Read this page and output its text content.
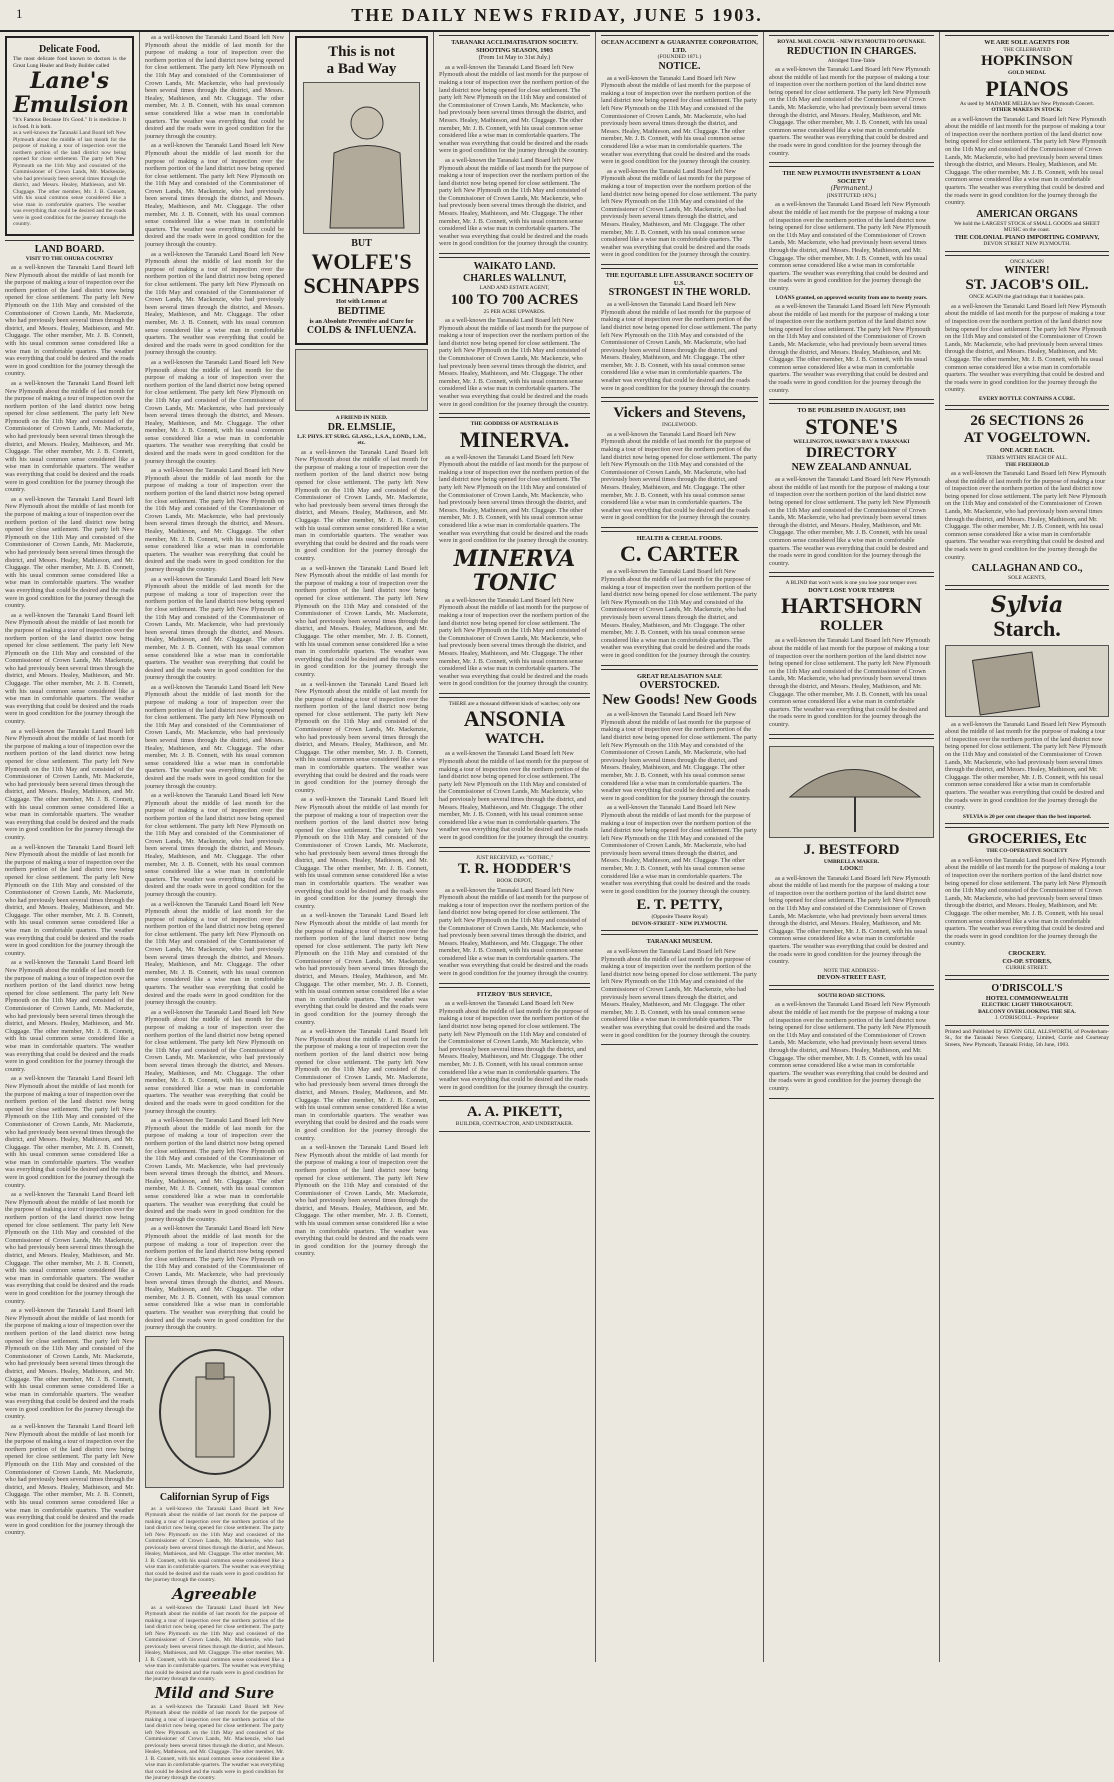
1	THE DAILY NEWS FRIDAY, JUNE 5 1903.
Delicate Food.
The most delicate food known to doctors is the Great Lung Healer and Body Builder called
Lane's
Emulsion
"It's Famous Because It's Good." It is medicine. It is food. It is both.
as a well-known the Taranaki Land Board left New Plymouth about the middle of last month for the purpose of making a tour of inspection over the northern portion of the land district now being opened for close settlement. The party left New Plymouth on the 11th May and consisted of the Commissioner of Crown Lands, Mr. Mackenzie, who had previously been several times through the district, and Messrs. Healey, Mathieson, and Mr. Cluggage. The other member, Mr. J. B. Connett, with his usual common sense considered like a wise man in comfortable quarters. The weather was everything that could be desired and the roads were in good condition for the journey through the country.
LAND BOARD.
VISIT TO THE OHURA COUNTRY

as a well-known the Taranaki Land Board left New Plymouth about the middle of last month for the purpose of making a tour of inspection over the northern portion of the land district now being opened for close settlement. The party left New Plymouth on the 11th May and consisted of the Commissioner of Crown Lands, Mr. Mackenzie, who had previously been several times through the district, and Messrs. Healey, Mathieson, and Mr. Cluggage. The other member, Mr. J. B. Connett, with his usual common sense considered like a wise man in comfortable quarters. The weather was everything that could be desired and the roads were in good condition for the journey through the country.

as a well-known the Taranaki Land Board left New Plymouth about the middle of last month for the purpose of making a tour of inspection over the northern portion of the land district now being opened for close settlement. The party left New Plymouth on the 11th May and consisted of the Commissioner of Crown Lands, Mr. Mackenzie, who had previously been several times through the district, and Messrs. Healey, Mathieson, and Mr. Cluggage. The other member, Mr. J. B. Connett, with his usual common sense considered like a wise man in comfortable quarters. The weather was everything that could be desired and the roads were in good condition for the journey through the country.

as a well-known the Taranaki Land Board left New Plymouth about the middle of last month for the purpose of making a tour of inspection over the northern portion of the land district now being opened for close settlement. The party left New Plymouth on the 11th May and consisted of the Commissioner of Crown Lands, Mr. Mackenzie, who had previously been several times through the district, and Messrs. Healey, Mathieson, and Mr. Cluggage. The other member, Mr. J. B. Connett, with his usual common sense considered like a wise man in comfortable quarters. The weather was everything that could be desired and the roads were in good condition for the journey through the country.

as a well-known the Taranaki Land Board left New Plymouth about the middle of last month for the purpose of making a tour of inspection over the northern portion of the land district now being opened for close settlement. The party left New Plymouth on the 11th May and consisted of the Commissioner of Crown Lands, Mr. Mackenzie, who had previously been several times through the district, and Messrs. Healey, Mathieson, and Mr. Cluggage. The other member, Mr. J. B. Connett, with his usual common sense considered like a wise man in comfortable quarters. The weather was everything that could be desired and the roads were in good condition for the journey through the country.

as a well-known the Taranaki Land Board left New Plymouth about the middle of last month for the purpose of making a tour of inspection over the northern portion of the land district now being opened for close settlement. The party left New Plymouth on the 11th May and consisted of the Commissioner of Crown Lands, Mr. Mackenzie, who had previously been several times through the district, and Messrs. Healey, Mathieson, and Mr. Cluggage. The other member, Mr. J. B. Connett, with his usual common sense considered like a wise man in comfortable quarters. The weather was everything that could be desired and the roads were in good condition for the journey through the country.

as a well-known the Taranaki Land Board left New Plymouth about the middle of last month for the purpose of making a tour of inspection over the northern portion of the land district now being opened for close settlement. The party left New Plymouth on the 11th May and consisted of the Commissioner of Crown Lands, Mr. Mackenzie, who had previously been several times through the district, and Messrs. Healey, Mathieson, and Mr. Cluggage. The other member, Mr. J. B. Connett, with his usual common sense considered like a wise man in comfortable quarters. The weather was everything that could be desired and the roads were in good condition for the journey through the country.

as a well-known the Taranaki Land Board left New Plymouth about the middle of last month for the purpose of making a tour of inspection over the northern portion of the land district now being opened for close settlement. The party left New Plymouth on the 11th May and consisted of the Commissioner of Crown Lands, Mr. Mackenzie, who had previously been several times through the district, and Messrs. Healey, Mathieson, and Mr. Cluggage. The other member, Mr. J. B. Connett, with his usual common sense considered like a wise man in comfortable quarters. The weather was everything that could be desired and the roads were in good condition for the journey through the country.

as a well-known the Taranaki Land Board left New Plymouth about the middle of last month for the purpose of making a tour of inspection over the northern portion of the land district now being opened for close settlement. The party left New Plymouth on the 11th May and consisted of the Commissioner of Crown Lands, Mr. Mackenzie, who had previously been several times through the district, and Messrs. Healey, Mathieson, and Mr. Cluggage. The other member, Mr. J. B. Connett, with his usual common sense considered like a wise man in comfortable quarters. The weather was everything that could be desired and the roads were in good condition for the journey through the country.

as a well-known the Taranaki Land Board left New Plymouth about the middle of last month for the purpose of making a tour of inspection over the northern portion of the land district now being opened for close settlement. The party left New Plymouth on the 11th May and consisted of the Commissioner of Crown Lands, Mr. Mackenzie, who had previously been several times through the district, and Messrs. Healey, Mathieson, and Mr. Cluggage. The other member, Mr. J. B. Connett, with his usual common sense considered like a wise man in comfortable quarters. The weather was everything that could be desired and the roads were in good condition for the journey through the country.

as a well-known the Taranaki Land Board left New Plymouth about the middle of last month for the purpose of making a tour of inspection over the northern portion of the land district now being opened for close settlement. The party left New Plymouth on the 11th May and consisted of the Commissioner of Crown Lands, Mr. Mackenzie, who had previously been several times through the district, and Messrs. Healey, Mathieson, and Mr. Cluggage. The other member, Mr. J. B. Connett, with his usual common sense considered like a wise man in comfortable quarters. The weather was everything that could be desired and the roads were in good condition for the journey through the country.

as a well-known the Taranaki Land Board left New Plymouth about the middle of last month for the purpose of making a tour of inspection over the northern portion of the land district now being opened for close settlement. The party left New Plymouth on the 11th May and consisted of the Commissioner of Crown Lands, Mr. Mackenzie, who had previously been several times through the district, and Messrs. Healey, Mathieson, and Mr. Cluggage. The other member, Mr. J. B. Connett, with his usual common sense considered like a wise man in comfortable quarters. The weather was everything that could be desired and the roads were in good condition for the journey through the country.

as a well-known the Taranaki Land Board left New Plymouth about the middle of last month for the purpose of making a tour of inspection over the northern portion of the land district now being opened for close settlement. The party left New Plymouth on the 11th May and consisted of the Commissioner of Crown Lands, Mr. Mackenzie, who had previously been several times through the district, and Messrs. Healey, Mathieson, and Mr. Cluggage. The other member, Mr. J. B. Connett, with his usual common sense considered like a wise man in comfortable quarters. The weather was everything that could be desired and the roads were in good condition for the journey through the country.

as a well-known the Taranaki Land Board left New Plymouth about the middle of last month for the purpose of making a tour of inspection over the northern portion of the land district now being opened for close settlement. The party left New Plymouth on the 11th May and consisted of the Commissioner of Crown Lands, Mr. Mackenzie, who had previously been several times through the district, and Messrs. Healey, Mathieson, and Mr. Cluggage. The other member, Mr. J. B. Connett, with his usual common sense considered like a wise man in comfortable quarters. The weather was everything that could be desired and the roads were in good condition for the journey through the country.

as a well-known the Taranaki Land Board left New Plymouth about the middle of last month for the purpose of making a tour of inspection over the northern portion of the land district now being opened for close settlement. The party left New Plymouth on the 11th May and consisted of the Commissioner of Crown Lands, Mr. Mackenzie, who had previously been several times through the district, and Messrs. Healey, Mathieson, and Mr. Cluggage. The other member, Mr. J. B. Connett, with his usual common sense considered like a wise man in comfortable quarters. The weather was everything that could be desired and the roads were in good condition for the journey through the country.

as a well-known the Taranaki Land Board left New Plymouth about the middle of last month for the purpose of making a tour of inspection over the northern portion of the land district now being opened for close settlement. The party left New Plymouth on the 11th May and consisted of the Commissioner of Crown Lands, Mr. Mackenzie, who had previously been several times through the district, and Messrs. Healey, Mathieson, and Mr. Cluggage. The other member, Mr. J. B. Connett, with his usual common sense considered like a wise man in comfortable quarters. The weather was everything that could be desired and the roads were in good condition for the journey through the country.

as a well-known the Taranaki Land Board left New Plymouth about the middle of last month for the purpose of making a tour of inspection over the northern portion of the land district now being opened for close settlement. The party left New Plymouth on the 11th May and consisted of the Commissioner of Crown Lands, Mr. Mackenzie, who had previously been several times through the district, and Messrs. Healey, Mathieson, and Mr. Cluggage. The other member, Mr. J. B. Connett, with his usual common sense considered like a wise man in comfortable quarters. The weather was everything that could be desired and the roads were in good condition for the journey through the country.

as a well-known the Taranaki Land Board left New Plymouth about the middle of last month for the purpose of making a tour of inspection over the northern portion of the land district now being opened for close settlement. The party left New Plymouth on the 11th May and consisted of the Commissioner of Crown Lands, Mr. Mackenzie, who had previously been several times through the district, and Messrs. Healey, Mathieson, and Mr. Cluggage. The other member, Mr. J. B. Connett, with his usual common sense considered like a wise man in comfortable quarters. The weather was everything that could be desired and the roads were in good condition for the journey through the country.

as a well-known the Taranaki Land Board left New Plymouth about the middle of last month for the purpose of making a tour of inspection over the northern portion of the land district now being opened for close settlement. The party left New Plymouth on the 11th May and consisted of the Commissioner of Crown Lands, Mr. Mackenzie, who had previously been several times through the district, and Messrs. Healey, Mathieson, and Mr. Cluggage. The other member, Mr. J. B. Connett, with his usual common sense considered like a wise man in comfortable quarters. The weather was everything that could be desired and the roads were in good condition for the journey through the country.

as a well-known the Taranaki Land Board left New Plymouth about the middle of last month for the purpose of making a tour of inspection over the northern portion of the land district now being opened for close settlement. The party left New Plymouth on the 11th May and consisted of the Commissioner of Crown Lands, Mr. Mackenzie, who had previously been several times through the district, and Messrs. Healey, Mathieson, and Mr. Cluggage. The other member, Mr. J. B. Connett, with his usual common sense considered like a wise man in comfortable quarters. The weather was everything that could be desired and the roads were in good condition for the journey through the country.

as a well-known the Taranaki Land Board left New Plymouth about the middle of last month for the purpose of making a tour of inspection over the northern portion of the land district now being opened for close settlement. The party left New Plymouth on the 11th May and consisted of the Commissioner of Crown Lands, Mr. Mackenzie, who had previously been several times through the district, and Messrs. Healey, Mathieson, and Mr. Cluggage. The other member, Mr. J. B. Connett, with his usual common sense considered like a wise man in comfortable quarters. The weather was everything that could be desired and the roads were in good condition for the journey through the country.

as a well-known the Taranaki Land Board left New Plymouth about the middle of last month for the purpose of making a tour of inspection over the northern portion of the land district now being opened for close settlement. The party left New Plymouth on the 11th May and consisted of the Commissioner of Crown Lands, Mr. Mackenzie, who had previously been several times through the district, and Messrs. Healey, Mathieson, and Mr. Cluggage. The other member, Mr. J. B. Connett, with his usual common sense considered like a wise man in comfortable quarters. The weather was everything that could be desired and the roads were in good condition for the journey through the country.

as a well-known the Taranaki Land Board left New Plymouth about the middle of last month for the purpose of making a tour of inspection over the northern portion of the land district now being opened for close settlement. The party left New Plymouth on the 11th May and consisted of the Commissioner of Crown Lands, Mr. Mackenzie, who had previously been several times through the district, and Messrs. Healey, Mathieson, and Mr. Cluggage. The other member, Mr. J. B. Connett, with his usual common sense considered like a wise man in comfortable quarters. The weather was everything that could be desired and the roads were in good condition for the journey through the country.

as a well-known the Taranaki Land Board left New Plymouth about the middle of last month for the purpose of making a tour of inspection over the northern portion of the land district now being opened for close settlement. The party left New Plymouth on the 11th May and consisted of the Commissioner of Crown Lands, Mr. Mackenzie, who had previously been several times through the district, and Messrs. Healey, Mathieson, and Mr. Cluggage. The other member, Mr. J. B. Connett, with his usual common sense considered like a wise man in comfortable quarters. The weather was everything that could be desired and the roads were in good condition for the journey through the country.

Californian Syrup of Figs

as a well-known the Taranaki Land Board left New Plymouth about the middle of last month for the purpose of making a tour of inspection over the northern portion of the land district now being opened for close settlement. The party left New Plymouth on the 11th May and consisted of the Commissioner of Crown Lands, Mr. Mackenzie, who had previously been several times through the district, and Messrs. Healey, Mathieson, and Mr. Cluggage. The other member, Mr. J. B. Connett, with his usual common sense considered like a wise man in comfortable quarters. The weather was everything that could be desired and the roads were in good condition for the journey through the country.

Agreeable

as a well-known the Taranaki Land Board left New Plymouth about the middle of last month for the purpose of making a tour of inspection over the northern portion of the land district now being opened for close settlement. The party left New Plymouth on the 11th May and consisted of the Commissioner of Crown Lands, Mr. Mackenzie, who had previously been several times through the district, and Messrs. Healey, Mathieson, and Mr. Cluggage. The other member, Mr. J. B. Connett, with his usual common sense considered like a wise man in comfortable quarters. The weather was everything that could be desired and the roads were in good condition for the journey through the country.

Mild and Sure

as a well-known the Taranaki Land Board left New Plymouth about the middle of last month for the purpose of making a tour of inspection over the northern portion of the land district now being opened for close settlement. The party left New Plymouth on the 11th May and consisted of the Commissioner of Crown Lands, Mr. Mackenzie, who had previously been several times through the district, and Messrs. Healey, Mathieson, and Mr. Cluggage. The other member, Mr. J. B. Connett, with his usual common sense considered like a wise man in comfortable quarters. The weather was everything that could be desired and the roads were in good condition for the journey through the country.

This is not
a Bad Way
BUT
WOLFE'S
SCHNAPPS
Hot with Lemon at
BEDTIME
is an Absolute Preventive and Cure for
COLDS & INFLUENZA.
A FRIEND IN NEED.
DR. ELMSLIE,
L.F. PHYS. ET SURG. GLASG., L.S.A., LOND., L.M., etc.

as a well-known the Taranaki Land Board left New Plymouth about the middle of last month for the purpose of making a tour of inspection over the northern portion of the land district now being opened for close settlement. The party left New Plymouth on the 11th May and consisted of the Commissioner of Crown Lands, Mr. Mackenzie, who had previously been several times through the district, and Messrs. Healey, Mathieson, and Mr. Cluggage. The other member, Mr. J. B. Connett, with his usual common sense considered like a wise man in comfortable quarters. The weather was everything that could be desired and the roads were in good condition for the journey through the country.

as a well-known the Taranaki Land Board left New Plymouth about the middle of last month for the purpose of making a tour of inspection over the northern portion of the land district now being opened for close settlement. The party left New Plymouth on the 11th May and consisted of the Commissioner of Crown Lands, Mr. Mackenzie, who had previously been several times through the district, and Messrs. Healey, Mathieson, and Mr. Cluggage. The other member, Mr. J. B. Connett, with his usual common sense considered like a wise man in comfortable quarters. The weather was everything that could be desired and the roads were in good condition for the journey through the country.

as a well-known the Taranaki Land Board left New Plymouth about the middle of last month for the purpose of making a tour of inspection over the northern portion of the land district now being opened for close settlement. The party left New Plymouth on the 11th May and consisted of the Commissioner of Crown Lands, Mr. Mackenzie, who had previously been several times through the district, and Messrs. Healey, Mathieson, and Mr. Cluggage. The other member, Mr. J. B. Connett, with his usual common sense considered like a wise man in comfortable quarters. The weather was everything that could be desired and the roads were in good condition for the journey through the country.

as a well-known the Taranaki Land Board left New Plymouth about the middle of last month for the purpose of making a tour of inspection over the northern portion of the land district now being opened for close settlement. The party left New Plymouth on the 11th May and consisted of the Commissioner of Crown Lands, Mr. Mackenzie, who had previously been several times through the district, and Messrs. Healey, Mathieson, and Mr. Cluggage. The other member, Mr. J. B. Connett, with his usual common sense considered like a wise man in comfortable quarters. The weather was everything that could be desired and the roads were in good condition for the journey through the country.

as a well-known the Taranaki Land Board left New Plymouth about the middle of last month for the purpose of making a tour of inspection over the northern portion of the land district now being opened for close settlement. The party left New Plymouth on the 11th May and consisted of the Commissioner of Crown Lands, Mr. Mackenzie, who had previously been several times through the district, and Messrs. Healey, Mathieson, and Mr. Cluggage. The other member, Mr. J. B. Connett, with his usual common sense considered like a wise man in comfortable quarters. The weather was everything that could be desired and the roads were in good condition for the journey through the country.

as a well-known the Taranaki Land Board left New Plymouth about the middle of last month for the purpose of making a tour of inspection over the northern portion of the land district now being opened for close settlement. The party left New Plymouth on the 11th May and consisted of the Commissioner of Crown Lands, Mr. Mackenzie, who had previously been several times through the district, and Messrs. Healey, Mathieson, and Mr. Cluggage. The other member, Mr. J. B. Connett, with his usual common sense considered like a wise man in comfortable quarters. The weather was everything that could be desired and the roads were in good condition for the journey through the country.

as a well-known the Taranaki Land Board left New Plymouth about the middle of last month for the purpose of making a tour of inspection over the northern portion of the land district now being opened for close settlement. The party left New Plymouth on the 11th May and consisted of the Commissioner of Crown Lands, Mr. Mackenzie, who had previously been several times through the district, and Messrs. Healey, Mathieson, and Mr. Cluggage. The other member, Mr. J. B. Connett, with his usual common sense considered like a wise man in comfortable quarters. The weather was everything that could be desired and the roads were in good condition for the journey through the country.

TARANAKI ACCLIMATISATION SOCIETY.
SHOOTING SEASON, 1903
(From 1st May to 31st July.)

as a well-known the Taranaki Land Board left New Plymouth about the middle of last month for the purpose of making a tour of inspection over the northern portion of the land district now being opened for close settlement. The party left New Plymouth on the 11th May and consisted of the Commissioner of Crown Lands, Mr. Mackenzie, who had previously been several times through the district, and Messrs. Healey, Mathieson, and Mr. Cluggage. The other member, Mr. J. B. Connett, with his usual common sense considered like a wise man in comfortable quarters. The weather was everything that could be desired and the roads were in good condition for the journey through the country.

as a well-known the Taranaki Land Board left New Plymouth about the middle of last month for the purpose of making a tour of inspection over the northern portion of the land district now being opened for close settlement. The party left New Plymouth on the 11th May and consisted of the Commissioner of Crown Lands, Mr. Mackenzie, who had previously been several times through the district, and Messrs. Healey, Mathieson, and Mr. Cluggage. The other member, Mr. J. B. Connett, with his usual common sense considered like a wise man in comfortable quarters. The weather was everything that could be desired and the roads were in good condition for the journey through the country.

WAIKATO LAND.
CHARLES WALLNUT,
LAND AND ESTATE AGENT,
100 TO 700 ACRES
25 PER ACRE UPWARDS.

as a well-known the Taranaki Land Board left New Plymouth about the middle of last month for the purpose of making a tour of inspection over the northern portion of the land district now being opened for close settlement. The party left New Plymouth on the 11th May and consisted of the Commissioner of Crown Lands, Mr. Mackenzie, who had previously been several times through the district, and Messrs. Healey, Mathieson, and Mr. Cluggage. The other member, Mr. J. B. Connett, with his usual common sense considered like a wise man in comfortable quarters. The weather was everything that could be desired and the roads were in good condition for the journey through the country.

THE GODDESS OF AUSTRALIA IS
MINERVA.

as a well-known the Taranaki Land Board left New Plymouth about the middle of last month for the purpose of making a tour of inspection over the northern portion of the land district now being opened for close settlement. The party left New Plymouth on the 11th May and consisted of the Commissioner of Crown Lands, Mr. Mackenzie, who had previously been several times through the district, and Messrs. Healey, Mathieson, and Mr. Cluggage. The other member, Mr. J. B. Connett, with his usual common sense considered like a wise man in comfortable quarters. The weather was everything that could be desired and the roads were in good condition for the journey through the country.

MINERVA
TONIC

as a well-known the Taranaki Land Board left New Plymouth about the middle of last month for the purpose of making a tour of inspection over the northern portion of the land district now being opened for close settlement. The party left New Plymouth on the 11th May and consisted of the Commissioner of Crown Lands, Mr. Mackenzie, who had previously been several times through the district, and Messrs. Healey, Mathieson, and Mr. Cluggage. The other member, Mr. J. B. Connett, with his usual common sense considered like a wise man in comfortable quarters. The weather was everything that could be desired and the roads were in good condition for the journey through the country.

THERE are a thousand different kinds of watches; only one
ANSONIA
WATCH.

as a well-known the Taranaki Land Board left New Plymouth about the middle of last month for the purpose of making a tour of inspection over the northern portion of the land district now being opened for close settlement. The party left New Plymouth on the 11th May and consisted of the Commissioner of Crown Lands, Mr. Mackenzie, who had previously been several times through the district, and Messrs. Healey, Mathieson, and Mr. Cluggage. The other member, Mr. J. B. Connett, with his usual common sense considered like a wise man in comfortable quarters. The weather was everything that could be desired and the roads were in good condition for the journey through the country.

JUST RECEIVED, ex "GOTHIC,"
T. R. HODDER'S
BOOK DEPOT,

as a well-known the Taranaki Land Board left New Plymouth about the middle of last month for the purpose of making a tour of inspection over the northern portion of the land district now being opened for close settlement. The party left New Plymouth on the 11th May and consisted of the Commissioner of Crown Lands, Mr. Mackenzie, who had previously been several times through the district, and Messrs. Healey, Mathieson, and Mr. Cluggage. The other member, Mr. J. B. Connett, with his usual common sense considered like a wise man in comfortable quarters. The weather was everything that could be desired and the roads were in good condition for the journey through the country.

FITZROY 'BUS SERVICE,

as a well-known the Taranaki Land Board left New Plymouth about the middle of last month for the purpose of making a tour of inspection over the northern portion of the land district now being opened for close settlement. The party left New Plymouth on the 11th May and consisted of the Commissioner of Crown Lands, Mr. Mackenzie, who had previously been several times through the district, and Messrs. Healey, Mathieson, and Mr. Cluggage. The other member, Mr. J. B. Connett, with his usual common sense considered like a wise man in comfortable quarters. The weather was everything that could be desired and the roads were in good condition for the journey through the country.

A. A. PIKETT,
BUILDER, CONTRACTOR, AND UNDERTAKER.
OCEAN ACCIDENT & GUARANTEE CORPORATION, LTD.
(FOUNDED 1871.)
NOTICE.

as a well-known the Taranaki Land Board left New Plymouth about the middle of last month for the purpose of making a tour of inspection over the northern portion of the land district now being opened for close settlement. The party left New Plymouth on the 11th May and consisted of the Commissioner of Crown Lands, Mr. Mackenzie, who had previously been several times through the district, and Messrs. Healey, Mathieson, and Mr. Cluggage. The other member, Mr. J. B. Connett, with his usual common sense considered like a wise man in comfortable quarters. The weather was everything that could be desired and the roads were in good condition for the journey through the country.

as a well-known the Taranaki Land Board left New Plymouth about the middle of last month for the purpose of making a tour of inspection over the northern portion of the land district now being opened for close settlement. The party left New Plymouth on the 11th May and consisted of the Commissioner of Crown Lands, Mr. Mackenzie, who had previously been several times through the district, and Messrs. Healey, Mathieson, and Mr. Cluggage. The other member, Mr. J. B. Connett, with his usual common sense considered like a wise man in comfortable quarters. The weather was everything that could be desired and the roads were in good condition for the journey through the country.

THE EQUITABLE LIFE ASSURANCE SOCIETY OF U.S.
STRONGEST IN THE WORLD.

as a well-known the Taranaki Land Board left New Plymouth about the middle of last month for the purpose of making a tour of inspection over the northern portion of the land district now being opened for close settlement. The party left New Plymouth on the 11th May and consisted of the Commissioner of Crown Lands, Mr. Mackenzie, who had previously been several times through the district, and Messrs. Healey, Mathieson, and Mr. Cluggage. The other member, Mr. J. B. Connett, with his usual common sense considered like a wise man in comfortable quarters. The weather was everything that could be desired and the roads were in good condition for the journey through the country.

Vickers and Stevens,
INGLEWOOD.

as a well-known the Taranaki Land Board left New Plymouth about the middle of last month for the purpose of making a tour of inspection over the northern portion of the land district now being opened for close settlement. The party left New Plymouth on the 11th May and consisted of the Commissioner of Crown Lands, Mr. Mackenzie, who had previously been several times through the district, and Messrs. Healey, Mathieson, and Mr. Cluggage. The other member, Mr. J. B. Connett, with his usual common sense considered like a wise man in comfortable quarters. The weather was everything that could be desired and the roads were in good condition for the journey through the country.

HEALTH & CEREAL FOODS.
C. CARTER

as a well-known the Taranaki Land Board left New Plymouth about the middle of last month for the purpose of making a tour of inspection over the northern portion of the land district now being opened for close settlement. The party left New Plymouth on the 11th May and consisted of the Commissioner of Crown Lands, Mr. Mackenzie, who had previously been several times through the district, and Messrs. Healey, Mathieson, and Mr. Cluggage. The other member, Mr. J. B. Connett, with his usual common sense considered like a wise man in comfortable quarters. The weather was everything that could be desired and the roads were in good condition for the journey through the country.

GREAT REALISATION SALE
OVERSTOCKED.
New Goods! New Goods

as a well-known the Taranaki Land Board left New Plymouth about the middle of last month for the purpose of making a tour of inspection over the northern portion of the land district now being opened for close settlement. The party left New Plymouth on the 11th May and consisted of the Commissioner of Crown Lands, Mr. Mackenzie, who had previously been several times through the district, and Messrs. Healey, Mathieson, and Mr. Cluggage. The other member, Mr. J. B. Connett, with his usual common sense considered like a wise man in comfortable quarters. The weather was everything that could be desired and the roads were in good condition for the journey through the country.

as a well-known the Taranaki Land Board left New Plymouth about the middle of last month for the purpose of making a tour of inspection over the northern portion of the land district now being opened for close settlement. The party left New Plymouth on the 11th May and consisted of the Commissioner of Crown Lands, Mr. Mackenzie, who had previously been several times through the district, and Messrs. Healey, Mathieson, and Mr. Cluggage. The other member, Mr. J. B. Connett, with his usual common sense considered like a wise man in comfortable quarters. The weather was everything that could be desired and the roads were in good condition for the journey through the country.

E. T. PETTY,
(Opposite Theatre Royal)
DEVON-STREET - NEW PLYMOUTH.
TARANAKI MUSEUM.

as a well-known the Taranaki Land Board left New Plymouth about the middle of last month for the purpose of making a tour of inspection over the northern portion of the land district now being opened for close settlement. The party left New Plymouth on the 11th May and consisted of the Commissioner of Crown Lands, Mr. Mackenzie, who had previously been several times through the district, and Messrs. Healey, Mathieson, and Mr. Cluggage. The other member, Mr. J. B. Connett, with his usual common sense considered like a wise man in comfortable quarters. The weather was everything that could be desired and the roads were in good condition for the journey through the country.

ROYAL MAIL COACH. - NEW PLYMOUTH TO OPUNAKE.
REDUCTION IN CHARGES.
Abridged Time-Table

as a well-known the Taranaki Land Board left New Plymouth about the middle of last month for the purpose of making a tour of inspection over the northern portion of the land district now being opened for close settlement. The party left New Plymouth on the 11th May and consisted of the Commissioner of Crown Lands, Mr. Mackenzie, who had previously been several times through the district, and Messrs. Healey, Mathieson, and Mr. Cluggage. The other member, Mr. J. B. Connett, with his usual common sense considered like a wise man in comfortable quarters. The weather was everything that could be desired and the roads were in good condition for the journey through the country.

THE NEW PLYMOUTH INVESTMENT & LOAN SOCIETY
(Permanent.)
[INSTITUTED 1876.]

as a well-known the Taranaki Land Board left New Plymouth about the middle of last month for the purpose of making a tour of inspection over the northern portion of the land district now being opened for close settlement. The party left New Plymouth on the 11th May and consisted of the Commissioner of Crown Lands, Mr. Mackenzie, who had previously been several times through the district, and Messrs. Healey, Mathieson, and Mr. Cluggage. The other member, Mr. J. B. Connett, with his usual common sense considered like a wise man in comfortable quarters. The weather was everything that could be desired and the roads were in good condition for the journey through the country.

LOANS granted, on approved security from one to twenty years.

as a well-known the Taranaki Land Board left New Plymouth about the middle of last month for the purpose of making a tour of inspection over the northern portion of the land district now being opened for close settlement. The party left New Plymouth on the 11th May and consisted of the Commissioner of Crown Lands, Mr. Mackenzie, who had previously been several times through the district, and Messrs. Healey, Mathieson, and Mr. Cluggage. The other member, Mr. J. B. Connett, with his usual common sense considered like a wise man in comfortable quarters. The weather was everything that could be desired and the roads were in good condition for the journey through the country.

TO BE PUBLISHED IN AUGUST, 1903
STONE'S
WELLINGTON, HAWKE'S BAY & TARANAKI
DIRECTORY
NEW ZEALAND ANNUAL

as a well-known the Taranaki Land Board left New Plymouth about the middle of last month for the purpose of making a tour of inspection over the northern portion of the land district now being opened for close settlement. The party left New Plymouth on the 11th May and consisted of the Commissioner of Crown Lands, Mr. Mackenzie, who had previously been several times through the district, and Messrs. Healey, Mathieson, and Mr. Cluggage. The other member, Mr. J. B. Connett, with his usual common sense considered like a wise man in comfortable quarters. The weather was everything that could be desired and the roads were in good condition for the journey through the country.

A BLIND that won't work is one you lose your temper over.
DON'T LOSE YOUR TEMPER
HARTSHORN
ROLLER

as a well-known the Taranaki Land Board left New Plymouth about the middle of last month for the purpose of making a tour of inspection over the northern portion of the land district now being opened for close settlement. The party left New Plymouth on the 11th May and consisted of the Commissioner of Crown Lands, Mr. Mackenzie, who had previously been several times through the district, and Messrs. Healey, Mathieson, and Mr. Cluggage. The other member, Mr. J. B. Connett, with his usual common sense considered like a wise man in comfortable quarters. The weather was everything that could be desired and the roads were in good condition for the journey through the country.

J. BESTFORD
UMBRELLA MAKER.
LOOK!!

as a well-known the Taranaki Land Board left New Plymouth about the middle of last month for the purpose of making a tour of inspection over the northern portion of the land district now being opened for close settlement. The party left New Plymouth on the 11th May and consisted of the Commissioner of Crown Lands, Mr. Mackenzie, who had previously been several times through the district, and Messrs. Healey, Mathieson, and Mr. Cluggage. The other member, Mr. J. B. Connett, with his usual common sense considered like a wise man in comfortable quarters. The weather was everything that could be desired and the roads were in good condition for the journey through the country.

NOTE THE ADDRESS:-
DEVON-STREET EAST,
SOUTH ROAD SECTIONS.

as a well-known the Taranaki Land Board left New Plymouth about the middle of last month for the purpose of making a tour of inspection over the northern portion of the land district now being opened for close settlement. The party left New Plymouth on the 11th May and consisted of the Commissioner of Crown Lands, Mr. Mackenzie, who had previously been several times through the district, and Messrs. Healey, Mathieson, and Mr. Cluggage. The other member, Mr. J. B. Connett, with his usual common sense considered like a wise man in comfortable quarters. The weather was everything that could be desired and the roads were in good condition for the journey through the country.

WE ARE SOLE AGENTS FOR
THE CELEBRATED
HOPKINSON
GOLD MEDAL
PIANOS
As used by MADAME MELBA her New Plymouth Concert.
OTHER MAKES IN STOCK:

as a well-known the Taranaki Land Board left New Plymouth about the middle of last month for the purpose of making a tour of inspection over the northern portion of the land district now being opened for close settlement. The party left New Plymouth on the 11th May and consisted of the Commissioner of Crown Lands, Mr. Mackenzie, who had previously been several times through the district, and Messrs. Healey, Mathieson, and Mr. Cluggage. The other member, Mr. J. B. Connett, with his usual common sense considered like a wise man in comfortable quarters. The weather was everything that could be desired and the roads were in good condition for the journey through the country.

AMERICAN ORGANS
We hold the LARGEST STOCK of SMALL GOODS and SHEET MUSIC on the coast.
THE COLONIAL PIANO IMPORTING COMPANY,
DEVON STREET NEW PLYMOUTH.
ONCE AGAIN
WINTER!
ST. JACOB'S OIL.
ONCE AGAIN the glad tidings that it banishes pain.

as a well-known the Taranaki Land Board left New Plymouth about the middle of last month for the purpose of making a tour of inspection over the northern portion of the land district now being opened for close settlement. The party left New Plymouth on the 11th May and consisted of the Commissioner of Crown Lands, Mr. Mackenzie, who had previously been several times through the district, and Messrs. Healey, Mathieson, and Mr. Cluggage. The other member, Mr. J. B. Connett, with his usual common sense considered like a wise man in comfortable quarters. The weather was everything that could be desired and the roads were in good condition for the journey through the country.

EVERY BOTTLE CONTAINS A CURE.
26 SECTIONS 26
AT VOGELTOWN.
ONE ACRE EACH.
TERMS WITHIN REACH OF ALL.
THE FREEHOLD

as a well-known the Taranaki Land Board left New Plymouth about the middle of last month for the purpose of making a tour of inspection over the northern portion of the land district now being opened for close settlement. The party left New Plymouth on the 11th May and consisted of the Commissioner of Crown Lands, Mr. Mackenzie, who had previously been several times through the district, and Messrs. Healey, Mathieson, and Mr. Cluggage. The other member, Mr. J. B. Connett, with his usual common sense considered like a wise man in comfortable quarters. The weather was everything that could be desired and the roads were in good condition for the journey through the country.

CALLAGHAN AND CO.,
SOLE AGENTS,
Sylvia
Starch.

as a well-known the Taranaki Land Board left New Plymouth about the middle of last month for the purpose of making a tour of inspection over the northern portion of the land district now being opened for close settlement. The party left New Plymouth on the 11th May and consisted of the Commissioner of Crown Lands, Mr. Mackenzie, who had previously been several times through the district, and Messrs. Healey, Mathieson, and Mr. Cluggage. The other member, Mr. J. B. Connett, with his usual common sense considered like a wise man in comfortable quarters. The weather was everything that could be desired and the roads were in good condition for the journey through the country.

SYLVIA is 20 per cent cheaper than the best imported.
GROCERIES, Etc
THE CO-OPERATIVE SOCIETY

as a well-known the Taranaki Land Board left New Plymouth about the middle of last month for the purpose of making a tour of inspection over the northern portion of the land district now being opened for close settlement. The party left New Plymouth on the 11th May and consisted of the Commissioner of Crown Lands, Mr. Mackenzie, who had previously been several times through the district, and Messrs. Healey, Mathieson, and Mr. Cluggage. The other member, Mr. J. B. Connett, with his usual common sense considered like a wise man in comfortable quarters. The weather was everything that could be desired and the roads were in good condition for the journey through the country.

CROCKERY.
CO-OP. STORES,
CURRIE STREET.
O'DRISCOLL'S
HOTEL COMMONWEALTH
ELECTRIC LIGHT THROUGHOUT.
BALCONY OVERLOOKING THE SEA.
J. O'DRISCOLL - Proprietor
Printed and Published by EDWIN GILL ALLSWORTH, of Powderham-St., for the Taranaki News Company, Limited, Currie and Courtenay Streets, New Plymouth, Taranaki Friday, 5th June, 1903.
